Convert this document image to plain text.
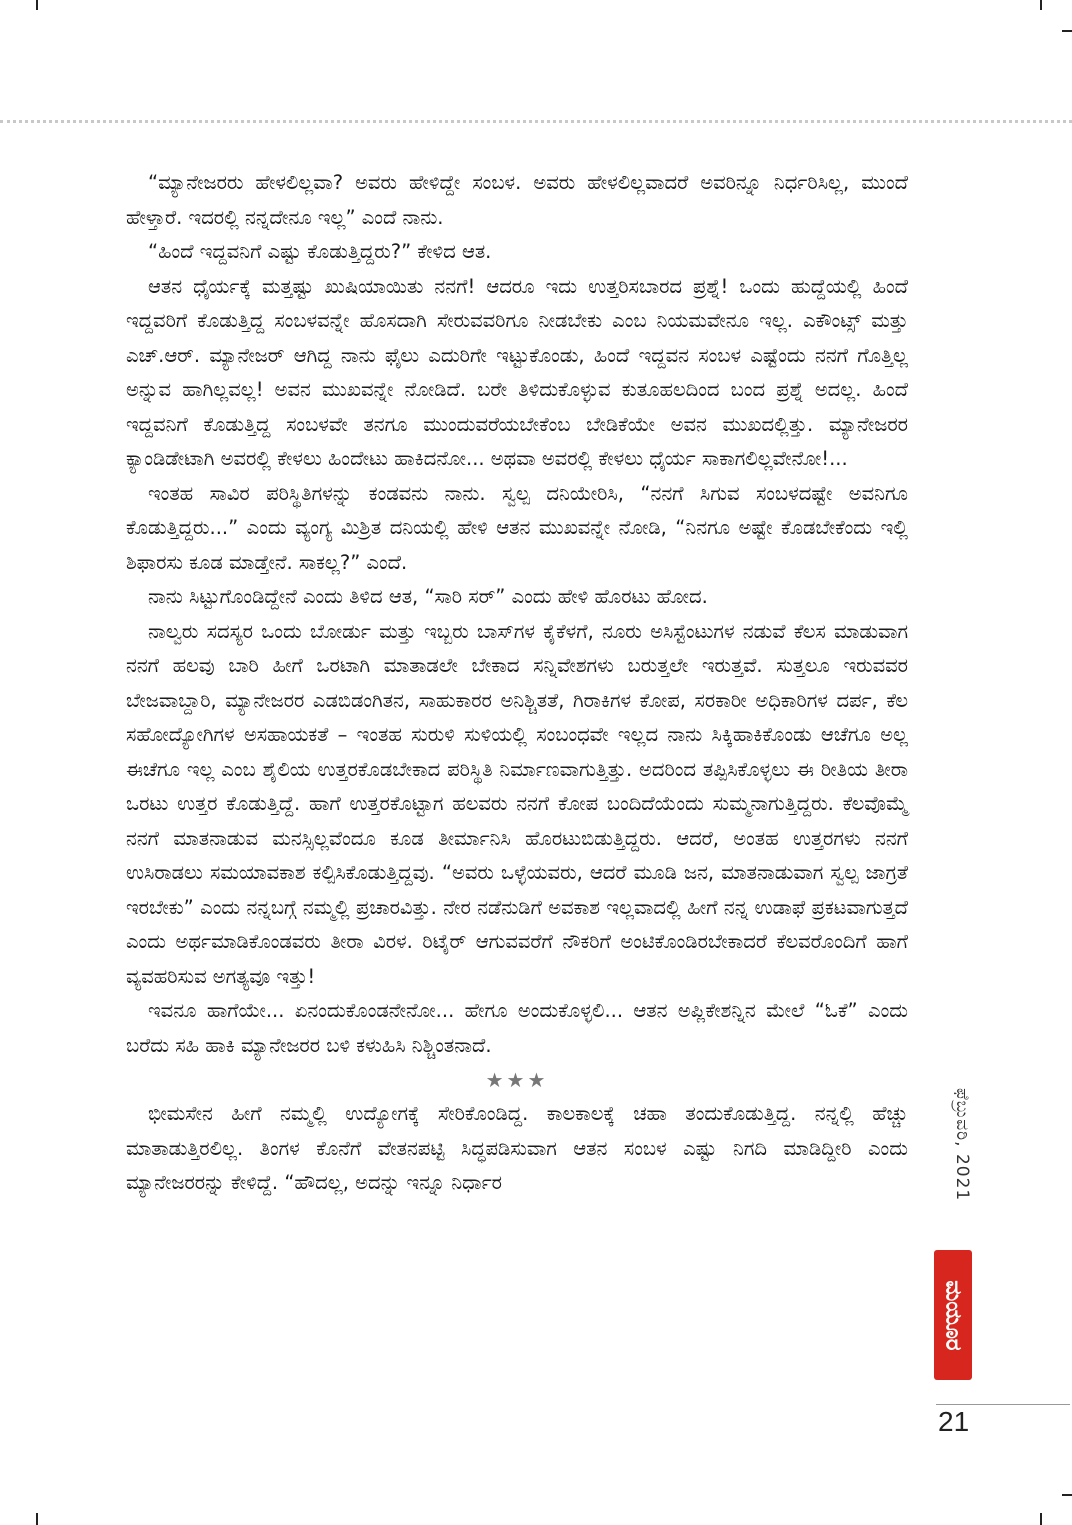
“ಮ್ಯಾನೇಜರರು ಹೇಳಲಿಲ್ಲವಾ? ಅವರು ಹೇಳಿದ್ದೇ ಸಂಬಳ. ಅವರು ಹೇಳಲಿಲ್ಲವಾದರೆ ಅವರಿನ್ನೂ ನಿರ್ಧರಿಸಿಲ್ಲ, ಮುಂದೆ ಹೇಳ್ತಾರೆ. ಇದರಲ್ಲಿ ನನ್ನದೇನೂ ಇಲ್ಲ” ಎಂದೆ ನಾನು.

“ಹಿಂದೆ ಇದ್ದವನಿಗೆ ಎಷ್ಟು ಕೊಡುತ್ತಿದ್ದರು?” ಕೇಳಿದ ಆತ.

ಆತನ ಧೈರ್ಯಕ್ಕೆ ಮತ್ತಷ್ಟು ಖುಷಿಯಾಯಿತು ನನಗೆ! ಆದರೂ ಇದು ಉತ್ತರಿಸಬಾರದ ಪ್ರಶ್ನೆ! ಒಂದು ಹುದ್ದೆಯಲ್ಲಿ ಹಿಂದೆ ಇದ್ದವರಿಗೆ ಕೊಡುತ್ತಿದ್ದ ಸಂಬಳವನ್ನೇ ಹೊಸದಾಗಿ ಸೇರುವವರಿಗೂ ನೀಡಬೇಕು ಎಂಬ ನಿಯಮವೇನೂ ಇಲ್ಲ. ಎಕೌಂಟ್ಸ್ ಮತ್ತು ಎಚ್.ಆರ್. ಮ್ಯಾನೇಜರ್ ಆಗಿದ್ದ ನಾನು ಫೈಲು ಎದುರಿಗೇ ಇಟ್ಟುಕೊಂಡು, ಹಿಂದೆ ಇದ್ದವನ ಸಂಬಳ ಎಷ್ಟೆಂದು ನನಗೆ ಗೊತ್ತಿಲ್ಲ ಅನ್ನುವ ಹಾಗಿಲ್ಲವಲ್ಲ! ಅವನ ಮುಖವನ್ನೇ ನೋಡಿದೆ. ಬರೇ ತಿಳಿದುಕೊಳ್ಳುವ ಕುತೂಹಲದಿಂದ ಬಂದ ಪ್ರಶ್ನೆ ಅದಲ್ಲ. ಹಿಂದೆ ಇದ್ದವನಿಗೆ ಕೊಡುತ್ತಿದ್ದ ಸಂಬಳವೇ ತನಗೂ ಮುಂದುವರೆಯಬೇಕೆಂಬ ಬೇಡಿಕೆಯೇ ಅವನ ಮುಖದಲ್ಲಿತ್ತು. ಮ್ಯಾನೇಜರರ ಕ್ಯಾಂಡಿಡೇಟಾಗಿ ಅವರಲ್ಲಿ ಕೇಳಲು ಹಿಂದೇಟು ಹಾಕಿದನೋ... ಅಥವಾ ಅವರಲ್ಲಿ ಕೇಳಲು ಧೈರ್ಯ ಸಾಕಾಗಲಿಲ್ಲವೇನೋ!...

ಇಂತಹ ಸಾವಿರ ಪರಿಸ್ಥಿತಿಗಳನ್ನು ಕಂಡವನು ನಾನು. ಸ್ವಲ್ಪ ದನಿಯೇರಿಸಿ, “ನನಗೆ ಸಿಗುವ ಸಂಬಳದಷ್ಟೇ ಅವನಿಗೂ ಕೊಡುತ್ತಿದ್ದರು...” ಎಂದು ವ್ಯಂಗ್ಯ ಮಿಶ್ರಿತ ದನಿಯಲ್ಲಿ ಹೇಳಿ ಆತನ ಮುಖವನ್ನೇ ನೋಡಿ, “ನಿನಗೂ ಅಷ್ಟೇ ಕೊಡಬೇಕೆಂದು ಇಲ್ಲಿ ಶಿಫಾರಸು ಕೂಡ ಮಾಡ್ತೇನೆ. ಸಾಕಲ್ಲ?” ಎಂದೆ.

ನಾನು ಸಿಟ್ಟುಗೊಂಡಿದ್ದೇನೆ ಎಂದು ತಿಳಿದ ಆತ, “ಸಾರಿ ಸರ್” ಎಂದು ಹೇಳಿ ಹೊರಟು ಹೋದ.

ನಾಲ್ವರು ಸದಸ್ಯರ ಒಂದು ಬೋರ್ಡು ಮತ್ತು ಇಬ್ಬರು ಬಾಸ್‌ಗಳ ಕೈಕೆಳಗೆ, ನೂರು ಅಸಿಸ್ಟೆಂಟುಗಳ ನಡುವೆ ಕೆಲಸ ಮಾಡುವಾಗ ನನಗೆ ಹಲವು ಬಾರಿ ಹೀಗೆ ಒರಟಾಗಿ ಮಾತಾಡಲೇ ಬೇಕಾದ ಸನ್ನಿವೇಶಗಳು ಬರುತ್ತಲೇ ಇರುತ್ತವೆ. ಸುತ್ತಲೂ ಇರುವವರ ಬೇಜವಾಬ್ದಾರಿ, ಮ್ಯಾನೇಜರರ ಎಡಬಿಡಂಗಿತನ, ಸಾಹುಕಾರರ ಅನಿಶ್ಚಿತತೆ, ಗಿರಾಕಿಗಳ ಕೋಪ, ಸರಕಾರೀ ಅಧಿಕಾರಿಗಳ ದರ್ಪ, ಕೆಲ ಸಹೋದ್ಯೋಗಿಗಳ ಅಸಹಾಯಕತೆ – ಇಂತಹ ಸುರುಳಿ ಸುಳಿಯಲ್ಲಿ ಸಂಬಂಧವೇ ಇಲ್ಲದ ನಾನು ಸಿಕ್ಕಿಹಾಕಿಕೊಂಡು ಆಚೆಗೂ ಅಲ್ಲ ಈಚೆಗೂ ಇಲ್ಲ ಎಂಬ ಶೈಲಿಯ ಉತ್ತರಕೊಡಬೇಕಾದ ಪರಿಸ್ಥಿತಿ ನಿರ್ಮಾಣವಾಗುತ್ತಿತ್ತು. ಅದರಿಂದ ತಪ್ಪಿಸಿಕೊಳ್ಳಲು ಈ ರೀತಿಯ ತೀರಾ ಒರಟು ಉತ್ತರ ಕೊಡುತ್ತಿದ್ದೆ. ಹಾಗೆ ಉತ್ತರಕೊಟ್ಟಾಗ ಹಲವರು ನನಗೆ ಕೋಪ ಬಂದಿದೆಯೆಂದು ಸುಮ್ಮನಾಗುತ್ತಿದ್ದರು. ಕೆಲವೊಮ್ಮೆ ನನಗೆ ಮಾತನಾಡುವ ಮನಸ್ಸಿಲ್ಲವೆಂದೂ ಕೂಡ ತೀರ್ಮಾನಿಸಿ ಹೊರಟುಬಿಡುತ್ತಿದ್ದರು. ಆದರೆ, ಅಂತಹ ಉತ್ತರಗಳು ನನಗೆ ಉಸಿರಾಡಲು ಸಮಯಾವಕಾಶ ಕಲ್ಪಿಸಿಕೊಡುತ್ತಿದ್ದವು. “ಅವರು ಒಳ್ಳೆಯವರು, ಆದರೆ ಮೂಡಿ ಜನ, ಮಾತನಾಡುವಾಗ ಸ್ವಲ್ಪ ಜಾಗ್ರತೆ ಇರಬೇಕು” ಎಂದು ನನ್ನಬಗ್ಗೆ ನಮ್ಮಲ್ಲಿ ಪ್ರಚಾರವಿತ್ತು. ನೇರ ನಡೆನುಡಿಗೆ ಅವಕಾಶ ಇಲ್ಲವಾದಲ್ಲಿ ಹೀಗೆ ನನ್ನ ಉಡಾಫೆ ಪ್ರಕಟವಾಗುತ್ತದೆ ಎಂದು ಅರ್ಥಮಾಡಿಕೊಂಡವರು ತೀರಾ ವಿರಳ. ರಿಟೈರ್ ಆಗುವವರೆಗೆ ನೌಕರಿಗೆ ಅಂಟಿಕೊಂಡಿರಬೇಕಾದರೆ ಕೆಲವರೊಂದಿಗೆ ಹಾಗೆ ವ್ಯವಹರಿಸುವ ಅಗತ್ಯವೂ ಇತ್ತು!

ಇವನೂ ಹಾಗೆಯೇ... ಏನಂದುಕೊಂಡನೇನೋ... ಹೇಗೂ ಅಂದುಕೊಳ್ಳಲಿ... ಆತನ ಅಪ್ಲಿಕೇಶನ್ನಿನ ಮೇಲೆ “ಓಕೆ” ಎಂದು ಬರೆದು ಸಹಿ ಹಾಕಿ ಮ್ಯಾನೇಜರರ ಬಳಿ ಕಳುಹಿಸಿ ನಿಶ್ಚಿಂತನಾದೆ.

★★★

ಭೀಮಸೇನ ಹೀಗೆ ನಮ್ಮಲ್ಲಿ ಉದ್ಯೋಗಕ್ಕೆ ಸೇರಿಕೊಂಡಿದ್ದ. ಕಾಲಕಾಲಕ್ಕೆ ಚಹಾ ತಂದುಕೊಡುತ್ತಿದ್ದ. ನನ್ನಲ್ಲಿ ಹೆಚ್ಚು ಮಾತಾಡುತ್ತಿರಲಿಲ್ಲ. ತಿಂಗಳ ಕೊನೆಗೆ ವೇತನಪಟ್ಟಿ ಸಿದ್ಧಪಡಿಸುವಾಗ ಆತನ ಸಂಬಳ ಎಷ್ಟು ನಿಗದಿ ಮಾಡಿದ್ದೀರಿ ಎಂದು ಮ್ಯಾನೇಜರರನ್ನು ಕೇಳಿದ್ದೆ. “ಹೌದಲ್ಲ, ಅದನ್ನು ಇನ್ನೂ ನಿರ್ಧಾರ	ಫೆಬ್ರುವರಿ, 2021
ಮಯೂರ
21
